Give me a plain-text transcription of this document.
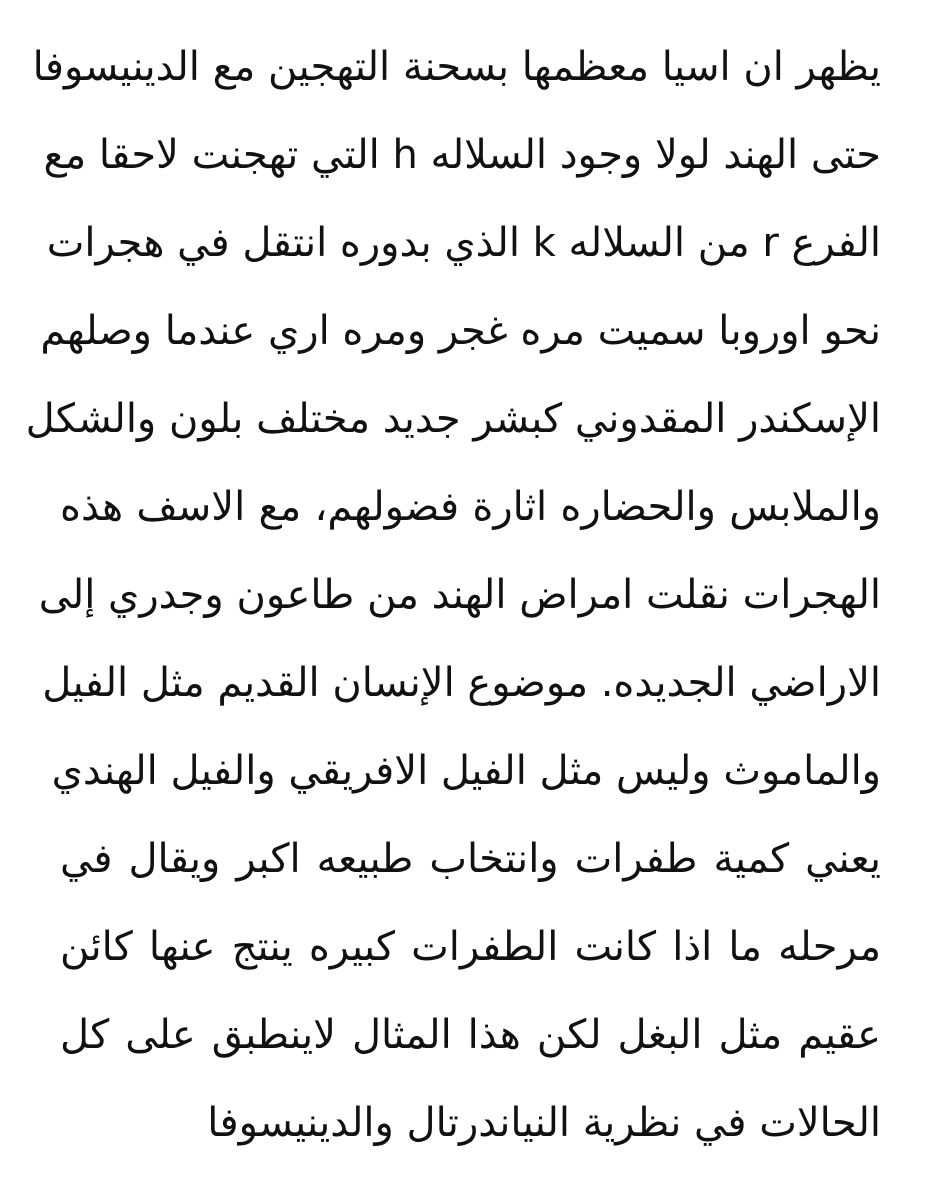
يظهر ان اسيا معظمها بسحنة التهجين مع الدينيسوفا
حتى الهند لولا وجود السلاله h التي تهجنت لاحقا مع
الفرع r من السلاله k الذي بدوره انتقل في هجرات
نحو اوروبا سميت مره غجر ومره اري عندما وصلهم
الإسكندر المقدوني كبشر جديد مختلف بلون والشكل
والملابس والحضاره اثارة فضولهم، مع الاسف هذه
الهجرات نقلت امراض الهند من طاعون وجدري إلى
الاراضي الجديده. موضوع الإنسان القديم مثل الفيل
والماموث وليس مثل الفيل الافريقي والفيل الهندي
يعني كمية طفرات وانتخاب طبيعه اكبر ويقال في
مرحله ما اذا كانت الطفرات كبيره ينتج عنها كائن
عقيم مثل البغل لكن هذا المثال لاينطبق على كل
الحالات في نظرية النياندرتال والدينيسوفا
